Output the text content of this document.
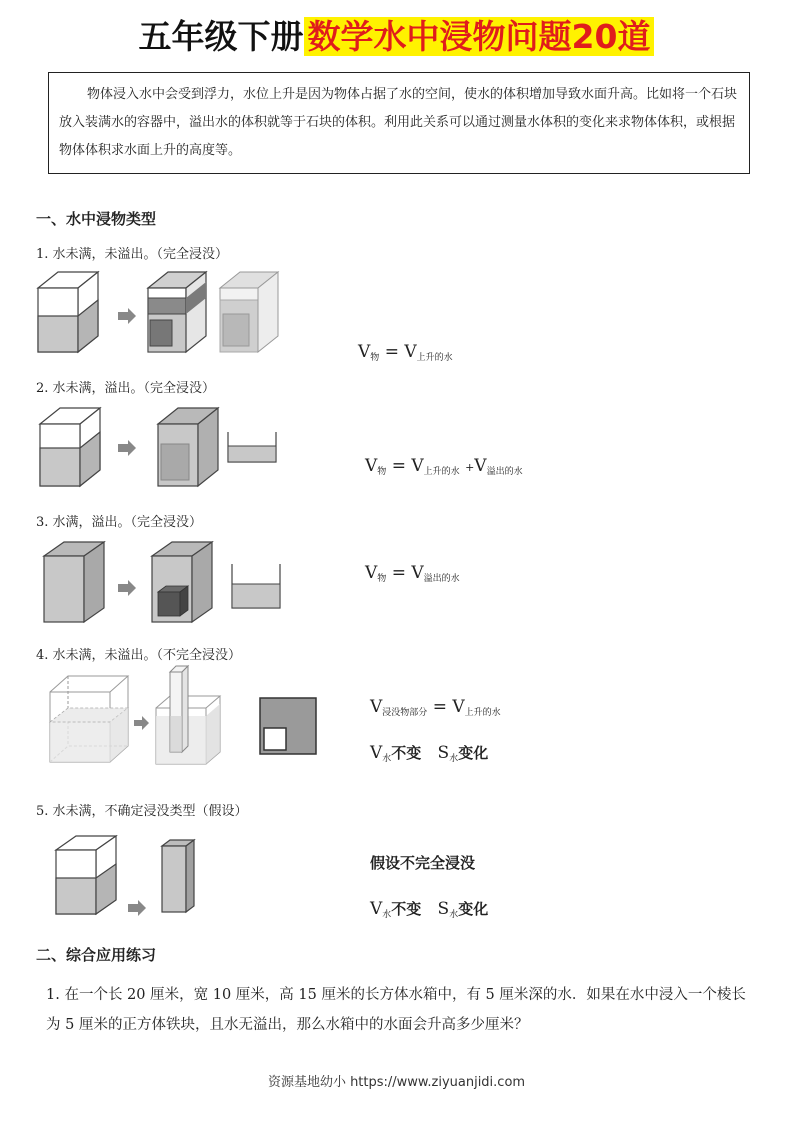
五年级下册 数学水中浸物问题20道
物体浸入水中会受到浮力，水位上升是因为物体占据了水的空间，使水的体积增加导致水面升高。比如将一个石块放入装满水的容器中，溢出水的体积就等于石块的体积。利用此关系可以通过测量水体积的变化来求物体体积，或根据物体体积求水面上升的高度等。
一、水中浸物类型
1. 水未满，未溢出。（完全浸没）
2. 水未满，溢出。（完全浸没）
3. 水满，溢出。（完全浸没）
4. 水未满，未溢出。（不完全浸没）
5. 水未满，不确定浸没类型（假设）
$V_物 = V_{上升的水}$
$V_物 = V_{上升的水} +V_{溢出的水}$
$V_物 = V_{溢出的水}$
$V_{浸没物部分} = V_{上升的水}$
$V_水$不变 $S_水$变化
假设不完全浸没
$V_水$不变 $S_水$变化
二、综合应用练习
1. 在一个长 20 厘米，宽 10 厘米，高 15 厘米的长方体水箱中，有 5 厘米深的水．如果在水中浸入一个棱长为 5 厘米的正方体铁块，且水无溢出，那么水箱中的水面会升高多少厘米？
资源基地幼小 https://www.ziyuanjidi.com
